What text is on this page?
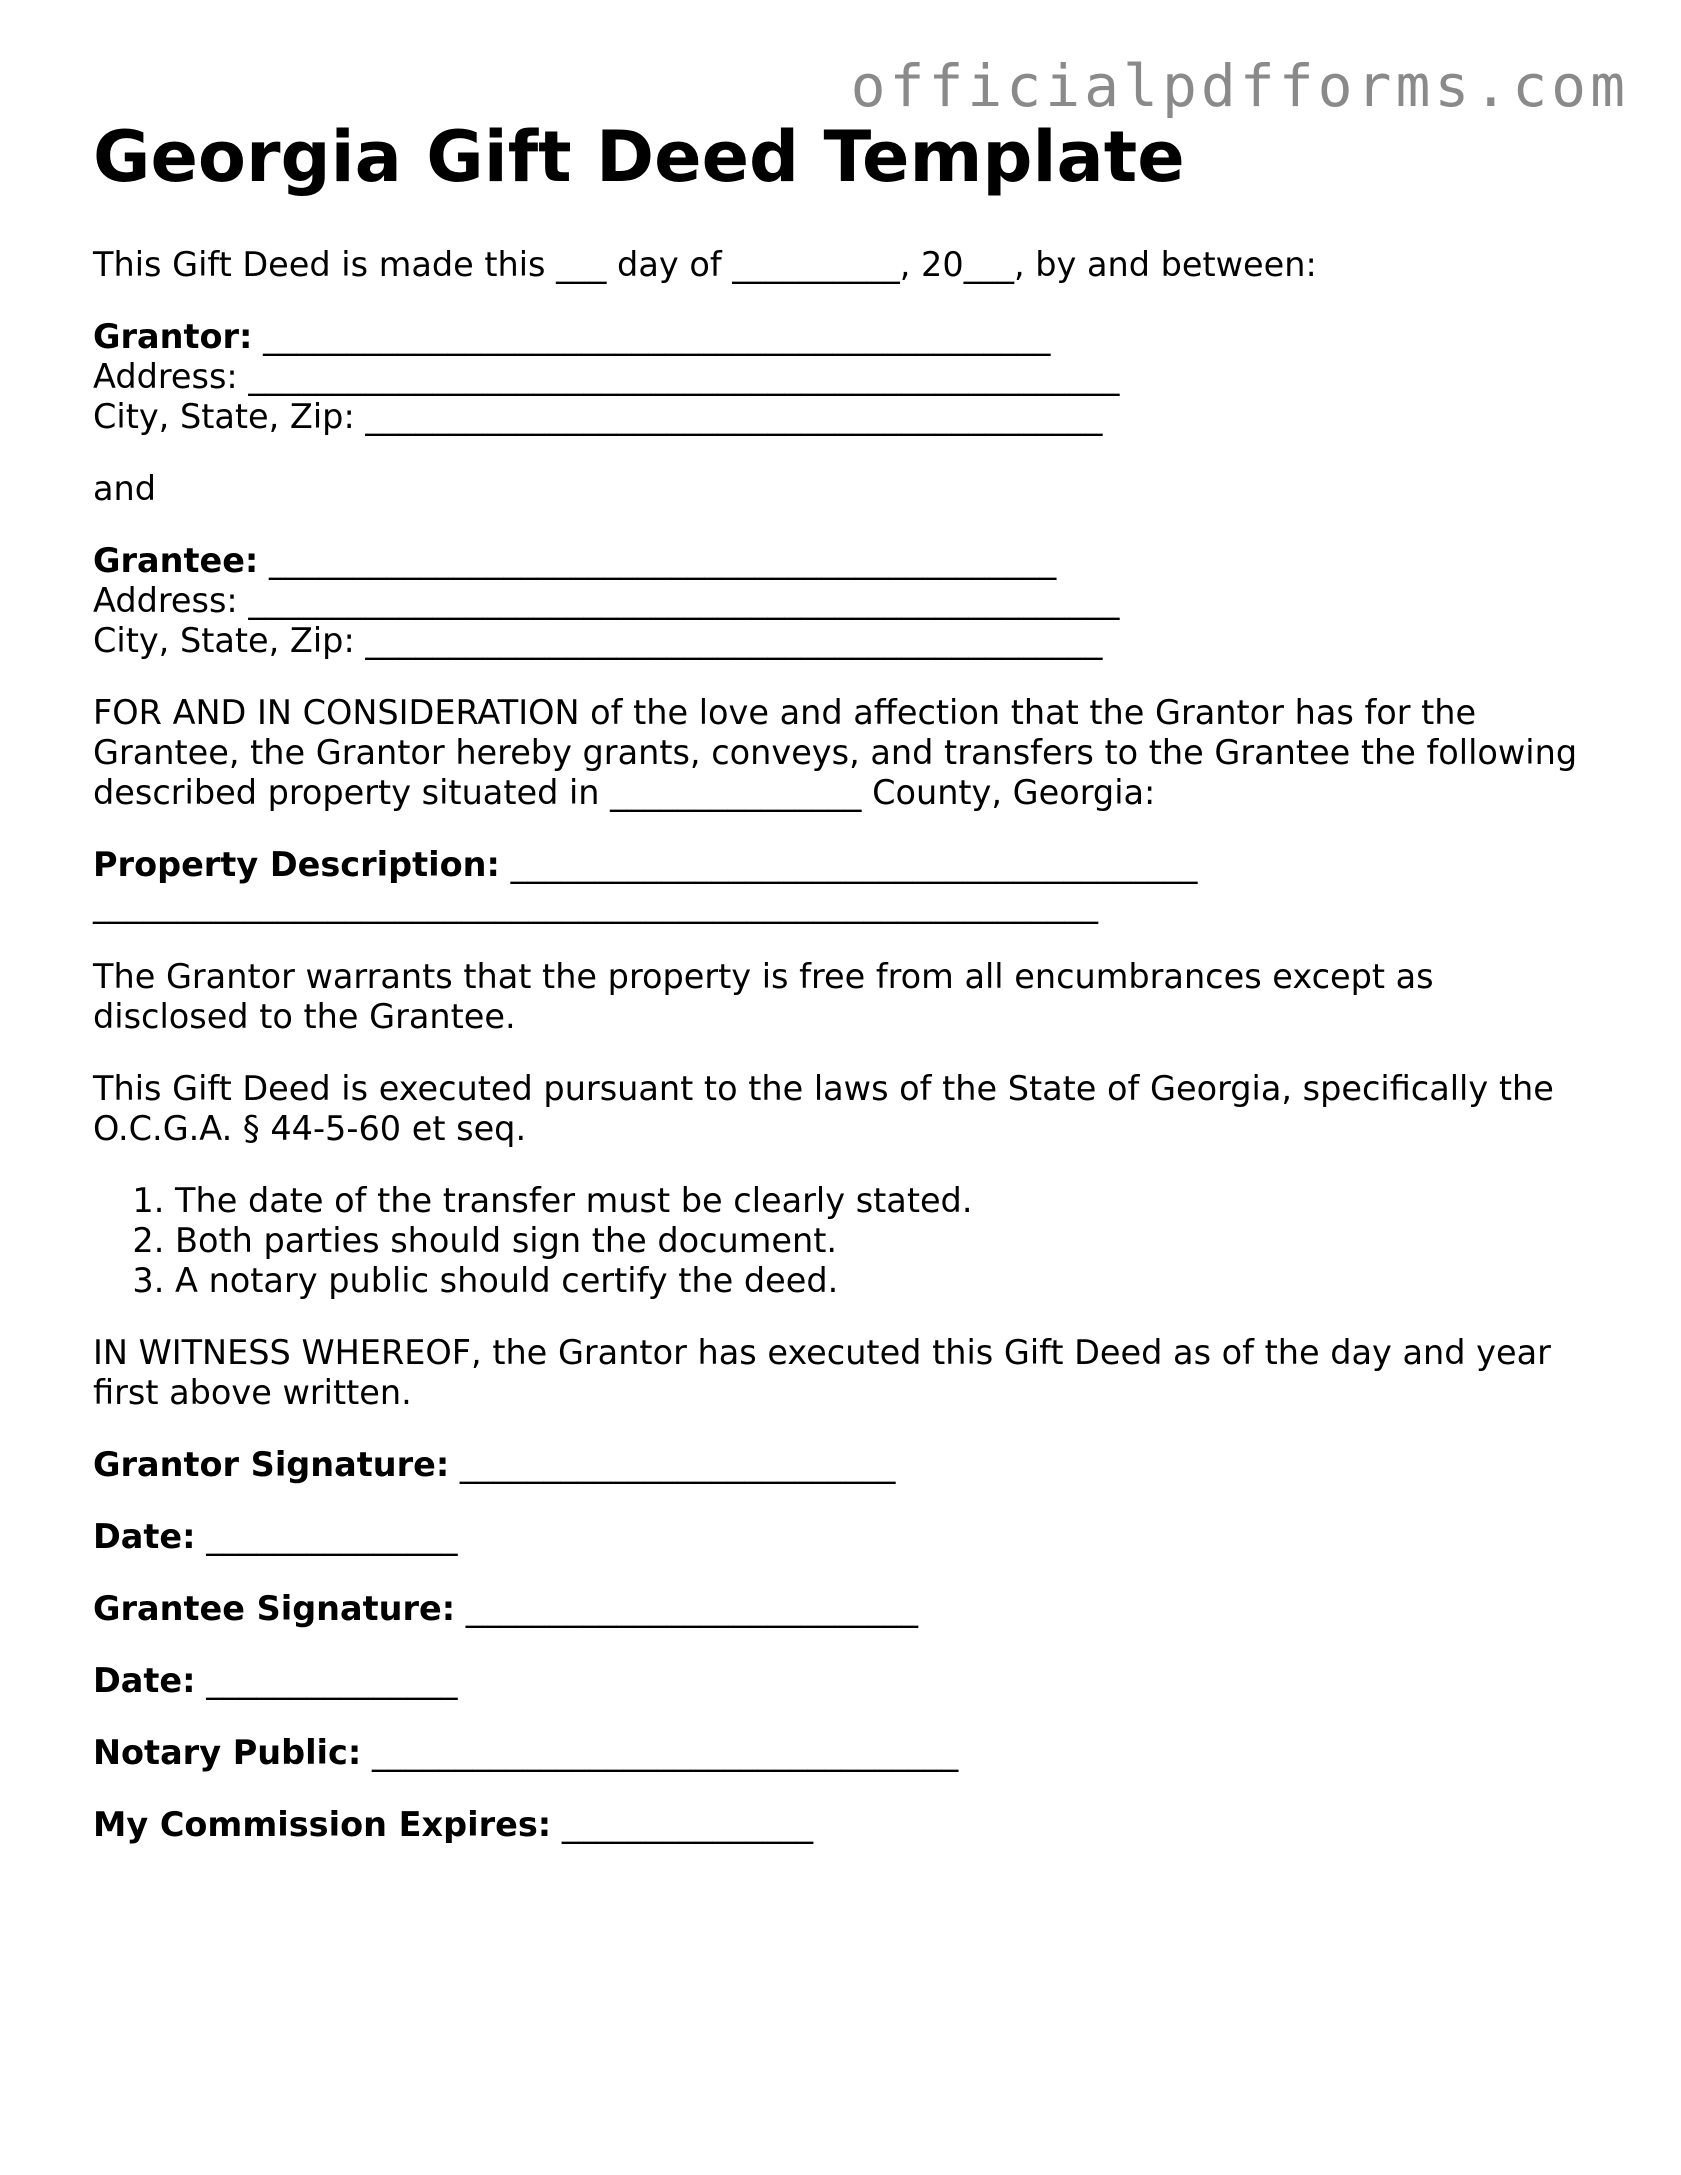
officialpdfforms.com
Georgia Gift Deed Template

This Gift Deed is made this ___ day of __________, 20___, by and between:

Grantor: _______________________________________________
Address: ____________________________________________________
City, State, Zip: ____________________________________________

and

Grantee: _______________________________________________
Address: ____________________________________________________
City, State, Zip: ____________________________________________

FOR AND IN CONSIDERATION of the love and affection that the Grantor has for the Grantee, the Grantor hereby grants, conveys, and transfers to the Grantee the following described property situated in _______________ County, Georgia:

Property Description: _________________________________________
____________________________________________________________

The Grantor warrants that the property is free from all encumbrances except as disclosed to the Grantee.

This Gift Deed is executed pursuant to the laws of the State of Georgia, specifically the O.C.G.A. § 44-5-60 et seq.

1. The date of the transfer must be clearly stated.
2. Both parties should sign the document.
3. A notary public should certify the deed.

IN WITNESS WHEREOF, the Grantor has executed this Gift Deed as of the day and year first above written.

Grantor Signature: __________________________
Date: _______________
Grantee Signature: ___________________________
Date: _______________
Notary Public: ___________________________________
My Commission Expires: _______________
